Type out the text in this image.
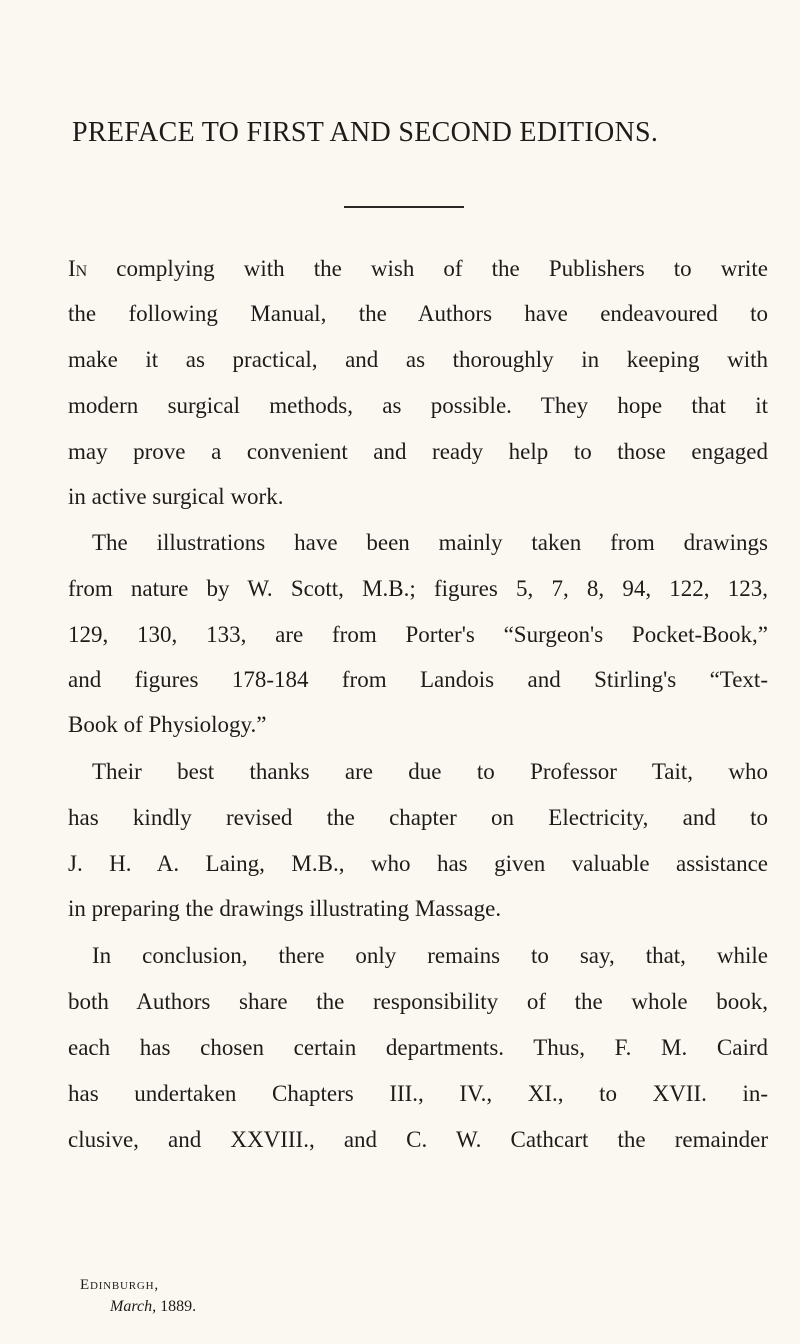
PREFACE TO FIRST AND SECOND EDITIONS.
In complying with the wish of the Publishers to write
the following Manual, the Authors have endeavoured to
make it as practical, and as thoroughly in keeping with
modern surgical methods, as possible. They hope that it
may prove a convenient and ready help to those engaged
in active surgical work.
The illustrations have been mainly taken from drawings
from nature by W. Scott, M.B.; figures 5, 7, 8, 94, 122, 123,
129, 130, 133, are from Porter's “Surgeon's Pocket-Book,”
and figures 178-184 from Landois and Stirling's “Text-
Book of Physiology.”
Their best thanks are due to Professor Tait, who
has kindly revised the chapter on Electricity, and to
J. H. A. Laing, M.B., who has given valuable assistance
in preparing the drawings illustrating Massage.
In conclusion, there only remains to say, that, while
both Authors share the responsibility of the whole book,
each has chosen certain departments. Thus, F. M. Caird
has undertaken Chapters III., IV., XI., to XVII. in-
clusive, and XXVIII., and C. W. Cathcart the remainder
Edinburgh,
March, 1889.
